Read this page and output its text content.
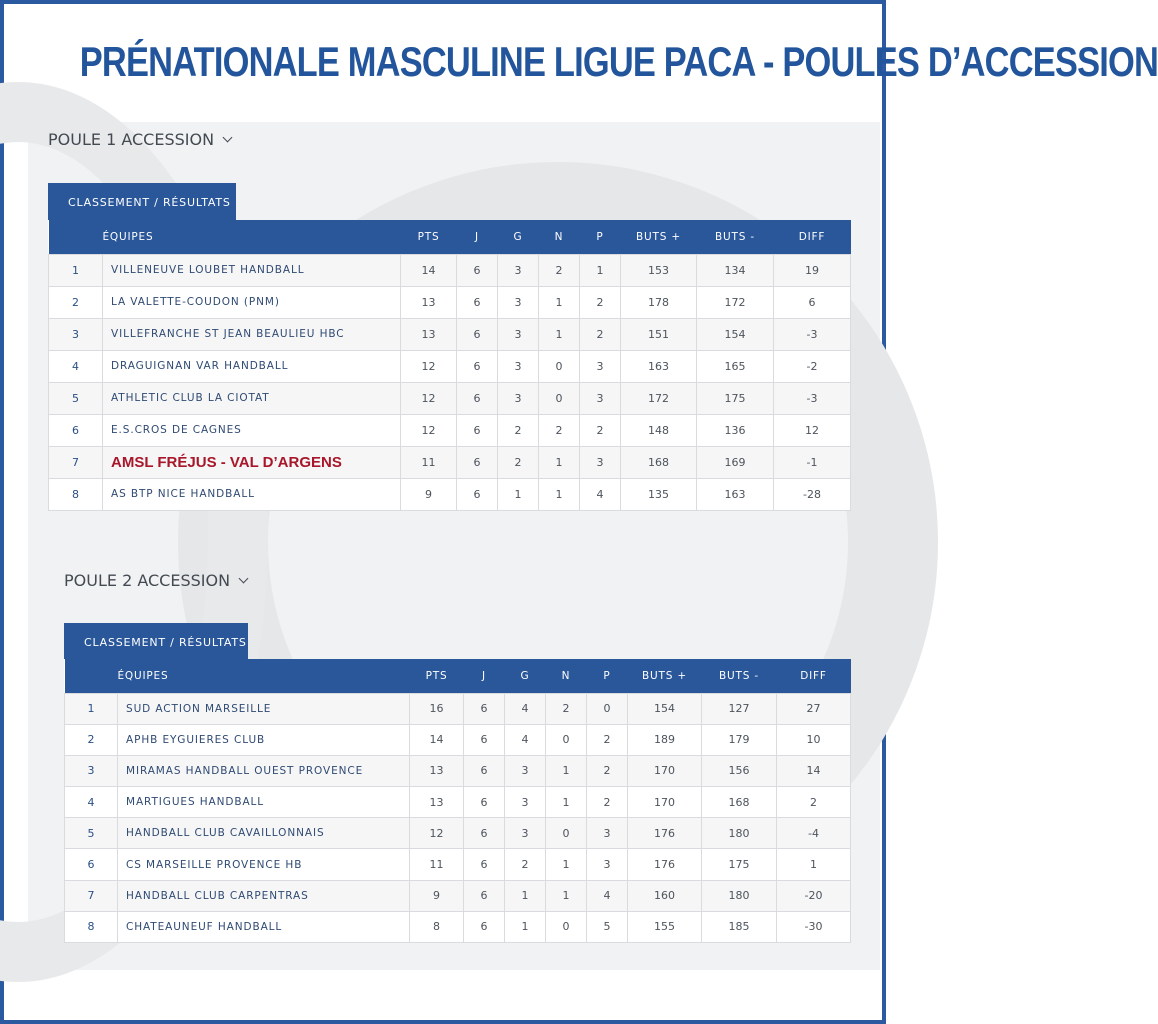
PRÉNATIONALE MASCULINE LIGUE PACA - POULES D’ACCESSION
POULE 1 ACCESSION
CLASSEMENT / RÉSULTATS
	ÉQUIPES	PTS	J	G	N	P	BUTS +	BUTS -	DIFF
1	VILLENEUVE LOUBET HANDBALL	14	6	3	2	1	153	134	19
2	LA VALETTE-COUDON (PNM)	13	6	3	1	2	178	172	6
3	VILLEFRANCHE ST JEAN BEAULIEU HBC	13	6	3	1	2	151	154	-3
4	DRAGUIGNAN VAR HANDBALL	12	6	3	0	3	163	165	-2
5	ATHLETIC CLUB LA CIOTAT	12	6	3	0	3	172	175	-3
6	E.S.CROS DE CAGNES	12	6	2	2	2	148	136	12
7	AMSL FRÉJUS - VAL D’ARGENS	11	6	2	1	3	168	169	-1
8	AS BTP NICE HANDBALL	9	6	1	1	4	135	163	-28
POULE 2 ACCESSION
CLASSEMENT / RÉSULTATS
	ÉQUIPES	PTS	J	G	N	P	BUTS +	BUTS -	DIFF
1	SUD ACTION MARSEILLE	16	6	4	2	0	154	127	27
2	APHB EYGUIERES CLUB	14	6	4	0	2	189	179	10
3	MIRAMAS HANDBALL OUEST PROVENCE	13	6	3	1	2	170	156	14
4	MARTIGUES HANDBALL	13	6	3	1	2	170	168	2
5	HANDBALL CLUB CAVAILLONNAIS	12	6	3	0	3	176	180	-4
6	CS MARSEILLE PROVENCE HB	11	6	2	1	3	176	175	1
7	HANDBALL CLUB CARPENTRAS	9	6	1	1	4	160	180	-20
8	CHATEAUNEUF HANDBALL	8	6	1	0	5	155	185	-30
